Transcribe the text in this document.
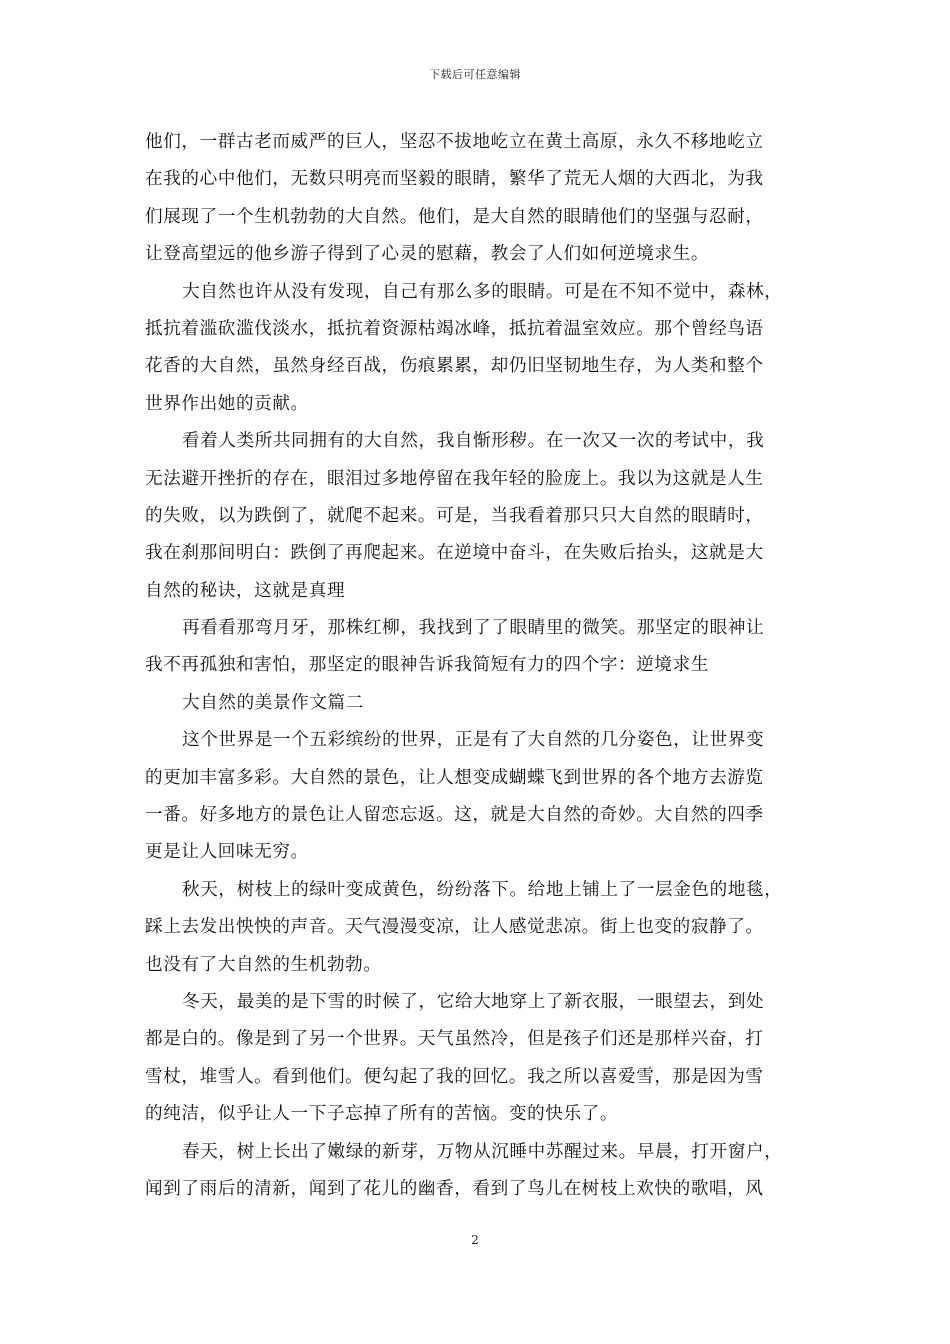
下载后可任意编辑
他们，一群古老而威严的巨人，坚忍不拔地屹立在黄土高原，永久不移地屹立
在我的心中他们，无数只明亮而坚毅的眼睛，繁华了荒无人烟的大西北，为我
们展现了一个生机勃勃的大自然。他们，是大自然的眼睛他们的坚强与忍耐，
让登高望远的他乡游子得到了心灵的慰藉，教会了人们如何逆境求生。
大自然也许从没有发现，自己有那么多的眼睛。可是在不知不觉中，森林，
抵抗着滥砍滥伐淡水，抵抗着资源枯竭冰峰，抵抗着温室效应。那个曾经鸟语
花香的大自然，虽然身经百战，伤痕累累，却仍旧坚韧地生存，为人类和整个
世界作出她的贡献。
看着人类所共同拥有的大自然，我自惭形秽。在一次又一次的考试中，我
无法避开挫折的存在，眼泪过多地停留在我年轻的脸庞上。我以为这就是人生
的失败，以为跌倒了，就爬不起来。可是，当我看着那只只大自然的眼睛时，
我在刹那间明白：跌倒了再爬起来。在逆境中奋斗，在失败后抬头，这就是大
自然的秘诀，这就是真理
再看看那弯月牙，那株红柳，我找到了了眼睛里的微笑。那坚定的眼神让
我不再孤独和害怕，那坚定的眼神告诉我简短有力的四个字：逆境求生
大自然的美景作文篇二
这个世界是一个五彩缤纷的世界，正是有了大自然的几分姿色，让世界变
的更加丰富多彩。大自然的景色，让人想变成蝴蝶飞到世界的各个地方去游览
一番。好多地方的景色让人留恋忘返。这，就是大自然的奇妙。大自然的四季
更是让人回味无穷。
秋天，树枝上的绿叶变成黄色，纷纷落下。给地上铺上了一层金色的地毯，
踩上去发出怏怏的声音。天气漫漫变凉，让人感觉悲凉。街上也变的寂静了。
也没有了大自然的生机勃勃。
冬天，最美的是下雪的时候了，它给大地穿上了新衣服，一眼望去，到处
都是白的。像是到了另一个世界。天气虽然冷，但是孩子们还是那样兴奋，打
雪杖，堆雪人。看到他们。便勾起了我的回忆。我之所以喜爱雪，那是因为雪
的纯洁，似乎让人一下子忘掉了所有的苦恼。变的快乐了。
春天，树上长出了嫩绿的新芽，万物从沉睡中苏醒过来。早晨，打开窗户，
闻到了雨后的清新，闻到了花儿的幽香，看到了鸟儿在树枝上欢快的歌唱，风
2
